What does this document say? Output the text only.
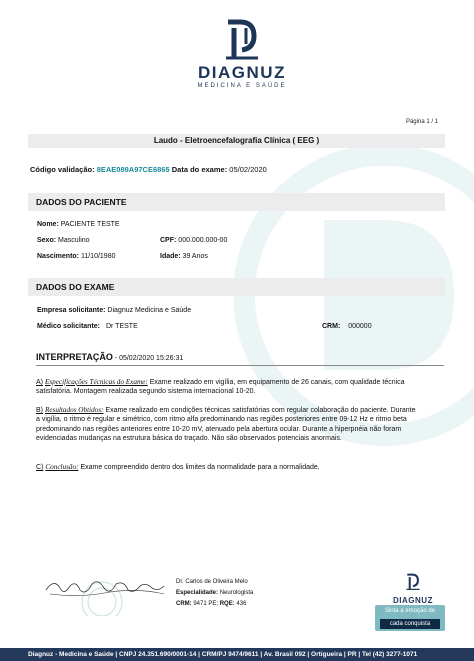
DIAGNUZ
MEDICINA E SAÚDE
Página 1 / 1
Laudo - Eletroencefalografia Clínica ( EEG )
Código validação: 8EAE089A97CE6865 Data do exame: 05/02/2020
DADOS DO PACIENTE
Nome: PACIENTE TESTE
Sexo: Masculino	CPF: 000.000.000-00
Nascimento: 11/10/1980	Idade: 39 Anos
DADOS DO EXAME
Empresa solicitante: Diagnuz Medicina e Saúde
Médico solicitante: Dr TESTE	CRM: 000000
INTERPRETAÇÃO - 05/02/2020 15:26:31
A) Especificações Técnicas do Exame: Exame realizado em vigília, em equipamento de 26 canais, com qualidade técnica satisfatória. Montagem realizada segundo sistema internacional 10-20.
B) Resultados Obtidos: Exame realizado em condições técnicas satisfatórias com regular colaboração do paciente. Durante a vigília, o ritmo é regular e simétrico, com ritmo alfa predominando nas regiões posteriores entre 09-12 Hz e ritmo beta predominando nas regiões anteriores entre 10-20 mV, atenuado pela abertura ocular. Durante a hiperpnéia não foram evidenciadas mudanças na estrutura básica do traçado. Não são observados potenciais anormais.
C) Conclusão: Exame compreendido dentro dos limites da normalidade para a normalidade.
Dr. Carlos de Oliveira Melo
Especialidade: Neurologista
CRM: 9471 PE; RQE: 436	DIAGNUZ
Sinta a emoção de
cada conquista
Diagnuz - Medicina e Saúde | CNPJ 24.351.690/0001-14 | CRM/PJ 9474/9611 | Av. Brasil 092 | Ortigueira | PR | Tel (42) 3277-1071
